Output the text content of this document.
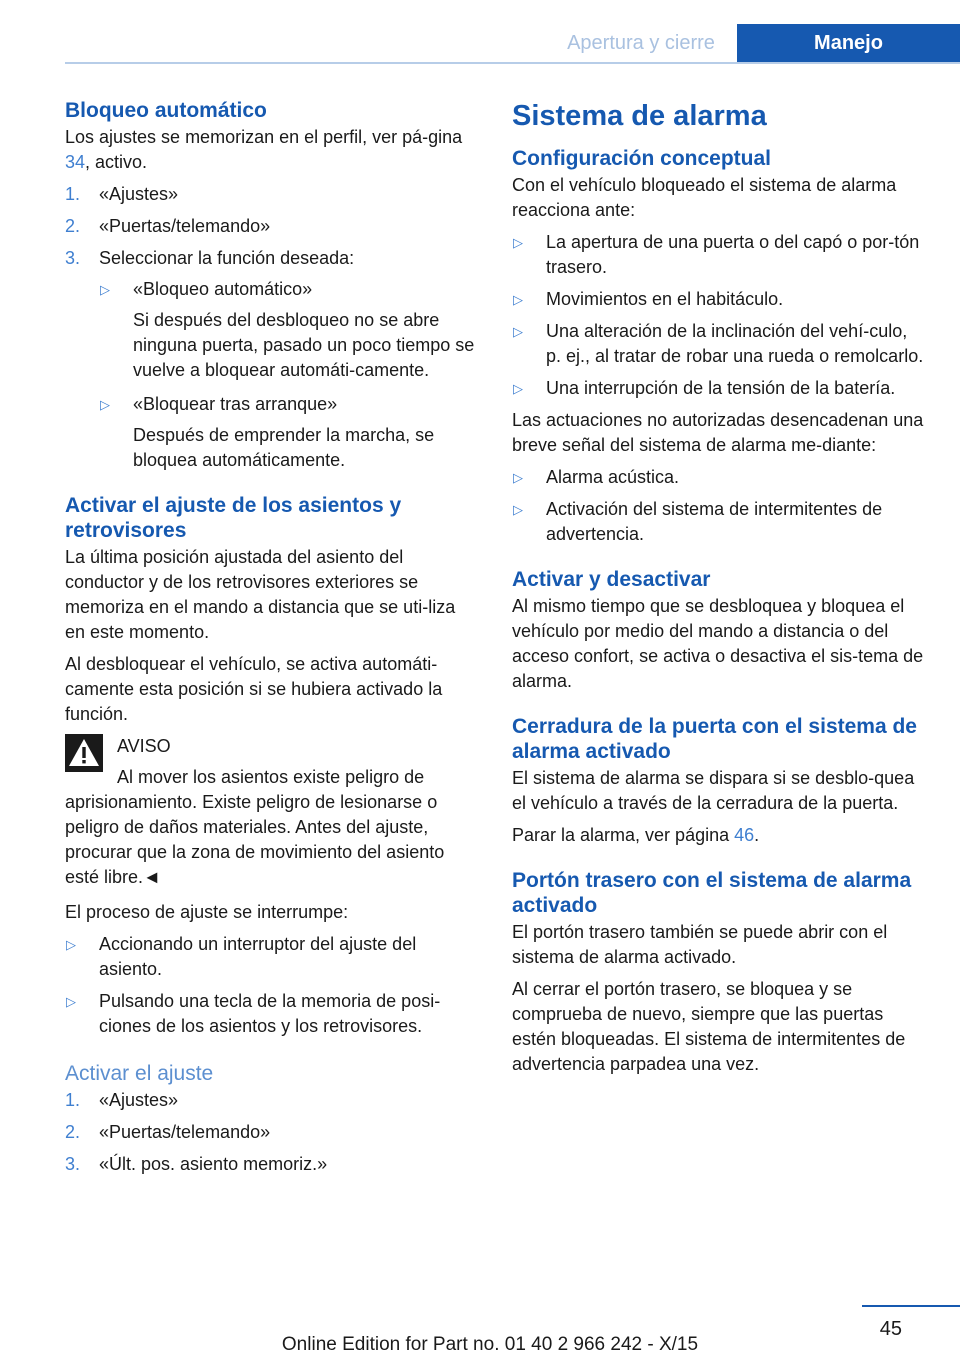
Apertura y cierre	Manejo
Bloqueo automático

Los ajustes se memorizan en el perfil, ver pá-gina 34, activo.

1. «Ajustes»
2. «Puertas/telemando»
3. Seleccionar la función deseada:
▷ «Bloqueo automático»
Si después del desbloqueo no se abre ninguna puerta, pasado un poco tiempo se vuelve a bloquear automáti-camente.
▷ «Bloquear tras arranque»
Después de emprender la marcha, se bloquea automáticamente.
Activar el ajuste de los asientos y retrovisores

La última posición ajustada del asiento del conductor y de los retrovisores exteriores se memoriza en el mando a distancia que se uti-liza en este momento.

Al desbloquear el vehículo, se activa automáti-camente esta posición si se hubiera activado la función.

AVISO
Al mover los asientos existe peligro de
aprisionamiento. Existe peligro de lesionarse o peligro de daños materiales. Antes del ajuste, procurar que la zona de movimiento del asiento esté libre.◄

El proceso de ajuste se interrumpe:

▷ Accionando un interruptor del ajuste del asiento.
▷ Pulsando una tecla de la memoria de posi-ciones de los asientos y los retrovisores.
Activar el ajuste
1. «Ajustes»
2. «Puertas/telemando»
3. «Últ. pos. asiento memoriz.»
Sistema de alarma
Configuración conceptual

Con el vehículo bloqueado el sistema de alarma reacciona ante:

▷ La apertura de una puerta o del capó o por-tón trasero.
▷ Movimientos en el habitáculo.
▷ Una alteración de la inclinación del vehí-culo, p. ej., al tratar de robar una rueda o remolcarlo.
▷ Una interrupción de la tensión de la batería.

Las actuaciones no autorizadas desencadenan una breve señal del sistema de alarma me-diante:

▷ Alarma acústica.
▷ Activación del sistema de intermitentes de advertencia.
Activar y desactivar

Al mismo tiempo que se desbloquea y bloquea el vehículo por medio del mando a distancia o del acceso confort, se activa o desactiva el sis-tema de alarma.

Cerradura de la puerta con el sistema de alarma activado

El sistema de alarma se dispara si se desblo-quea el vehículo a través de la cerradura de la puerta.

Parar la alarma, ver página 46.

Portón trasero con el sistema de alarma activado

El portón trasero también se puede abrir con el sistema de alarma activado.

Al cerrar el portón trasero, se bloquea y se comprueba de nuevo, siempre que las puertas estén bloqueadas. El sistema de intermitentes de advertencia parpadea una vez.

45
Online Edition for Part no. 01 40 2 966 242 - X/15
